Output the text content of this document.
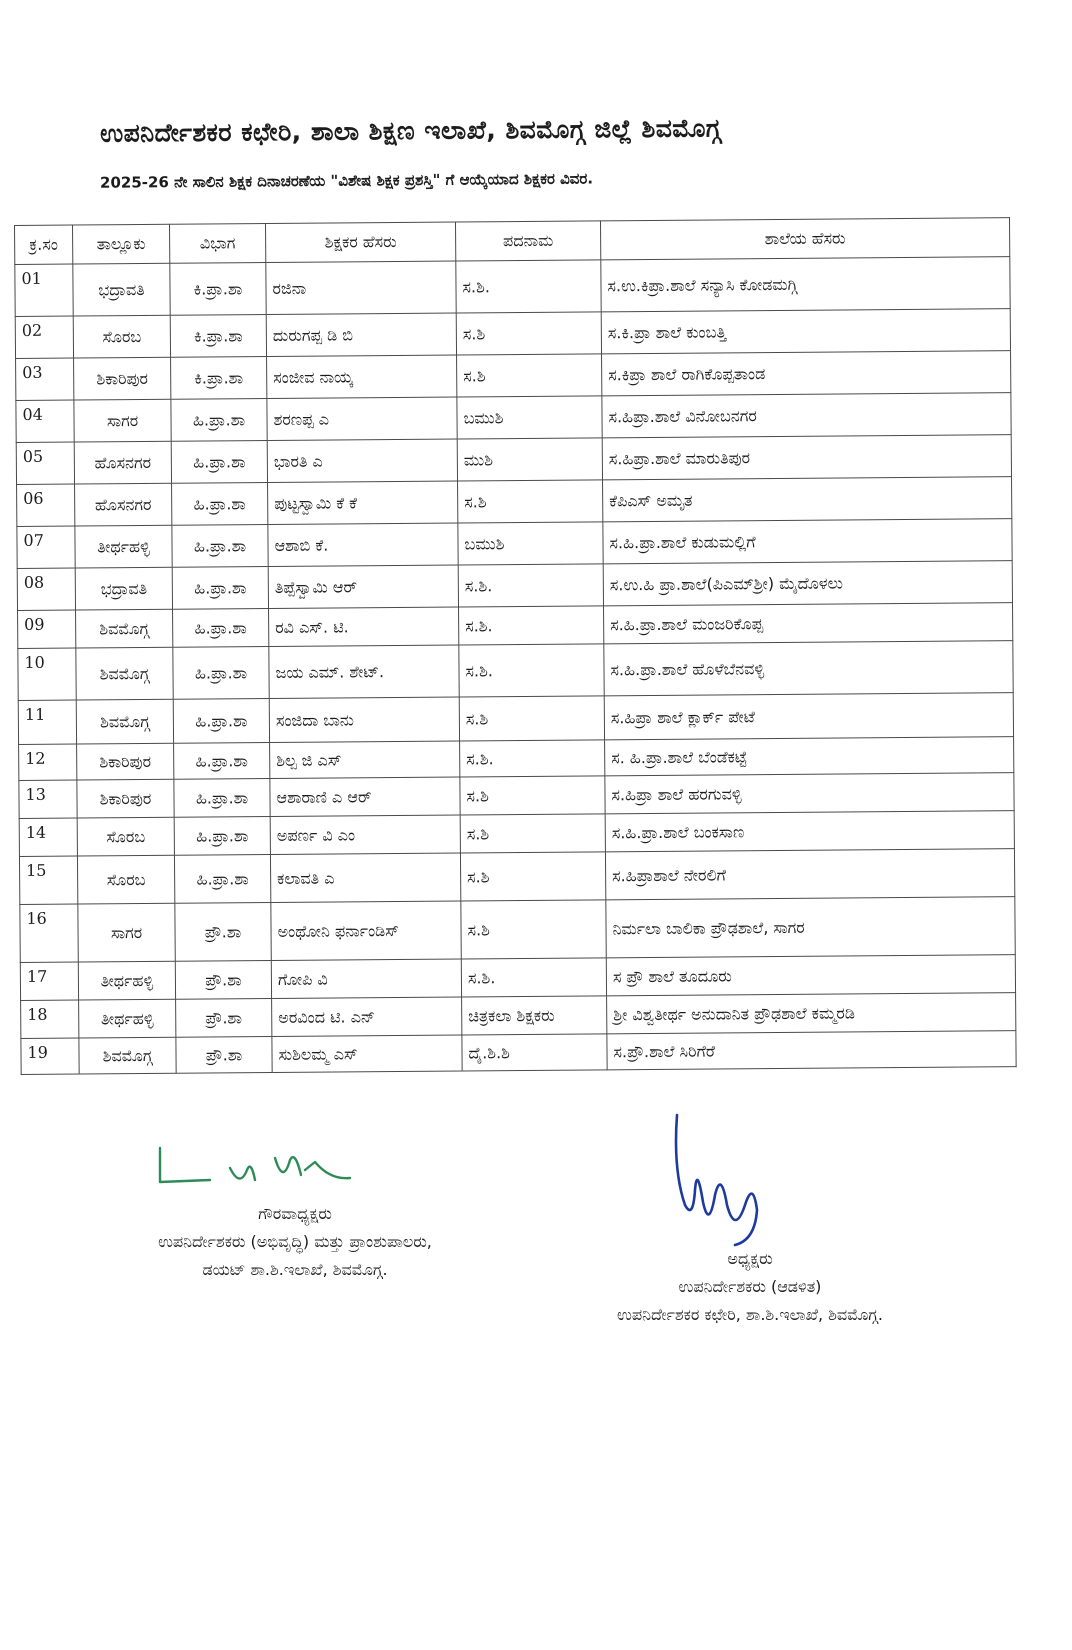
ಉಪನಿರ್ದೇಶಕರ ಕಛೇರಿ, ಶಾಲಾ ಶಿಕ್ಷಣ ಇಲಾಖೆ, ಶಿವಮೊಗ್ಗ ಜಿಲ್ಲೆ ಶಿವಮೊಗ್ಗ
2025-26 ನೇ ಸಾಲಿನ ಶಿಕ್ಷಕ ದಿನಾಚರಣೆಯ "ವಿಶೇಷ ಶಿಕ್ಷಕ ಪ್ರಶಸ್ತಿ" ಗೆ ಆಯ್ಕೆಯಾದ ಶಿಕ್ಷಕರ ವಿವರ.
ಕ್ರ.ಸಂ	ತಾಲ್ಲೂಕು	ವಿಭಾಗ	ಶಿಕ್ಷಕರ ಹೆಸರು	ಪದನಾಮ	ಶಾಲೆಯ ಹೆಸರು
01	ಭದ್ರಾವತಿ	ಕಿ.ಪ್ರಾ.ಶಾ	ರಜಿನಾ	ಸ.ಶಿ.	ಸ.ಉ.ಕಿಪ್ರಾ.ಶಾಲೆ ಸನ್ಯಾಸಿ ಕೋಡಮಗ್ಗಿ
02	ಸೊರಬ	ಕಿ.ಪ್ರಾ.ಶಾ	ದುರುಗಪ್ಪ ಡಿ ಬಿ	ಸ.ಶಿ	ಸ.ಕಿ.ಪ್ರಾ ಶಾಲೆ ಕುಂಬತ್ತಿ
03	ಶಿಕಾರಿಪುರ	ಕಿ.ಪ್ರಾ.ಶಾ	ಸಂಜೀವ ನಾಯ್ಕ	ಸ.ಶಿ	ಸ.ಕಿಪ್ರಾ ಶಾಲೆ ರಾಗಿಕೊಪ್ಪತಾಂಡ
04	ಸಾಗರ	ಹಿ.ಪ್ರಾ.ಶಾ	ಶರಣಪ್ಪ ಎ	ಬಮುಶಿ	ಸ.ಹಿಪ್ರಾ.ಶಾಲೆ ವಿನೋಬನಗರ
05	ಹೊಸನಗರ	ಹಿ.ಪ್ರಾ.ಶಾ	ಭಾರತಿ ಎ	ಮುಶಿ	ಸ.ಹಿಪ್ರಾ.ಶಾಲೆ ಮಾರುತಿಪುರ
06	ಹೊಸನಗರ	ಹಿ.ಪ್ರಾ.ಶಾ	ಪುಟ್ಟಸ್ವಾಮಿ ಕೆ ಕೆ	ಸ.ಶಿ	ಕೆಪಿಎಸ್ ಅಮೃತ
07	ತೀರ್ಥಹಳ್ಳಿ	ಹಿ.ಪ್ರಾ.ಶಾ	ಆಶಾಬಿ ಕೆ.	ಬಮುಶಿ	ಸ.ಹಿ.ಪ್ರಾ.ಶಾಲೆ ಕುಡುಮಲ್ಲಿಗೆ
08	ಭದ್ರಾವತಿ	ಹಿ.ಪ್ರಾ.ಶಾ	ತಿಪ್ಪೆಸ್ವಾಮಿ ಆರ್	ಸ.ಶಿ.	ಸ.ಉ.ಹಿ ಪ್ರಾ.ಶಾಲೆ(ಪಿಎಮ್‌ಶ್ರೀ) ಮೈದೊಳಲು
09	ಶಿವಮೊಗ್ಗ	ಹಿ.ಪ್ರಾ.ಶಾ	ರವಿ ಎಸ್. ಟಿ.	ಸ.ಶಿ.	ಸ.ಹಿ.ಪ್ರಾ.ಶಾಲೆ ಮಂಜರಿಕೊಪ್ಪ
10	ಶಿವಮೊಗ್ಗ	ಹಿ.ಪ್ರಾ.ಶಾ	ಜಯ ಎಮ್. ಶೇಟ್.	ಸ.ಶಿ.	ಸ.ಹಿ.ಪ್ರಾ.ಶಾಲೆ ಹೊಳೆಬೆನವಳ್ಳಿ
11	ಶಿವಮೊಗ್ಗ	ಹಿ.ಪ್ರಾ.ಶಾ	ಸಂಜಿದಾ ಬಾನು	ಸ.ಶಿ	ಸ.ಹಿಪ್ರಾ ಶಾಲೆ ಕ್ಲಾರ್ಕ್ ಪೇಟೆ
12	ಶಿಕಾರಿಪುರ	ಹಿ.ಪ್ರಾ.ಶಾ	ಶಿಲ್ಪ ಜಿ ಎಸ್	ಸ.ಶಿ.	ಸ. ಹಿ.ಪ್ರಾ.ಶಾಲೆ ಬೆಂಡೆಕಟ್ಟೆ
13	ಶಿಕಾರಿಪುರ	ಹಿ.ಪ್ರಾ.ಶಾ	ಆಶಾರಾಣಿ ಎ ಆರ್	ಸ.ಶಿ	ಸ.ಹಿಪ್ರಾ ಶಾಲೆ ಹರಗುವಳ್ಳಿ
14	ಸೊರಬ	ಹಿ.ಪ್ರಾ.ಶಾ	ಅಪರ್ಣ ವಿ ಎಂ	ಸ.ಶಿ	ಸ.ಹಿ.ಪ್ರಾ.ಶಾಲೆ ಬಂಕಸಾಣ
15	ಸೊರಬ	ಹಿ.ಪ್ರಾ.ಶಾ	ಕಲಾವತಿ ಎ	ಸ.ಶಿ	ಸ.ಹಿಪ್ರಾಶಾಲೆ ನೇರಲಿಗೆ
16	ಸಾಗರ	ಪ್ರೌ.ಶಾ	ಅಂಥೋನಿ ಫರ್ನಾಂಡಿಸ್	ಸ.ಶಿ	ನಿರ್ಮಲಾ ಬಾಲಿಕಾ ಪ್ರೌಢಶಾಲೆ, ಸಾಗರ
17	ತೀರ್ಥಹಳ್ಳಿ	ಪ್ರೌ.ಶಾ	ಗೋಪಿ ವಿ	ಸ.ಶಿ.	ಸ ಪ್ರೌ ಶಾಲೆ ತೂದೂರು
18	ತೀರ್ಥಹಳ್ಳಿ	ಪ್ರೌ.ಶಾ	ಅರವಿಂದ ಟಿ. ಎನ್	ಚಿತ್ರಕಲಾ ಶಿಕ್ಷಕರು	ಶ್ರೀ ವಿಶ್ವತೀರ್ಥ ಅನುದಾನಿತ ಪ್ರೌಢಶಾಲೆ ಕಮ್ಮರಡಿ
19	ಶಿವಮೊಗ್ಗ	ಪ್ರೌ.ಶಾ	ಸುಶಿಲಮ್ಮ ಎಸ್	ದೈ.ಶಿ.ಶಿ	ಸ.ಪ್ರೌ.ಶಾಲೆ ಸಿರಿಗೆರೆ
ಗೌರವಾಧ್ಯಕ್ಷರು
ಉಪನಿರ್ದೇಶಕರು (ಅಭಿವೃದ್ಧಿ) ಮತ್ತು ಪ್ರಾಂಶುಪಾಲರು,
ಡಯಟ್ ಶಾ.ಶಿ.ಇಲಾಖೆ, ಶಿವಮೊಗ್ಗ.
ಅಧ್ಯಕ್ಷರು
ಉಪನಿರ್ದೇಶಕರು (ಆಡಳಿತ)
ಉಪನಿರ್ದೇಶಕರ ಕಛೇರಿ, ಶಾ.ಶಿ.ಇಲಾಖೆ, ಶಿವಮೊಗ್ಗ.
